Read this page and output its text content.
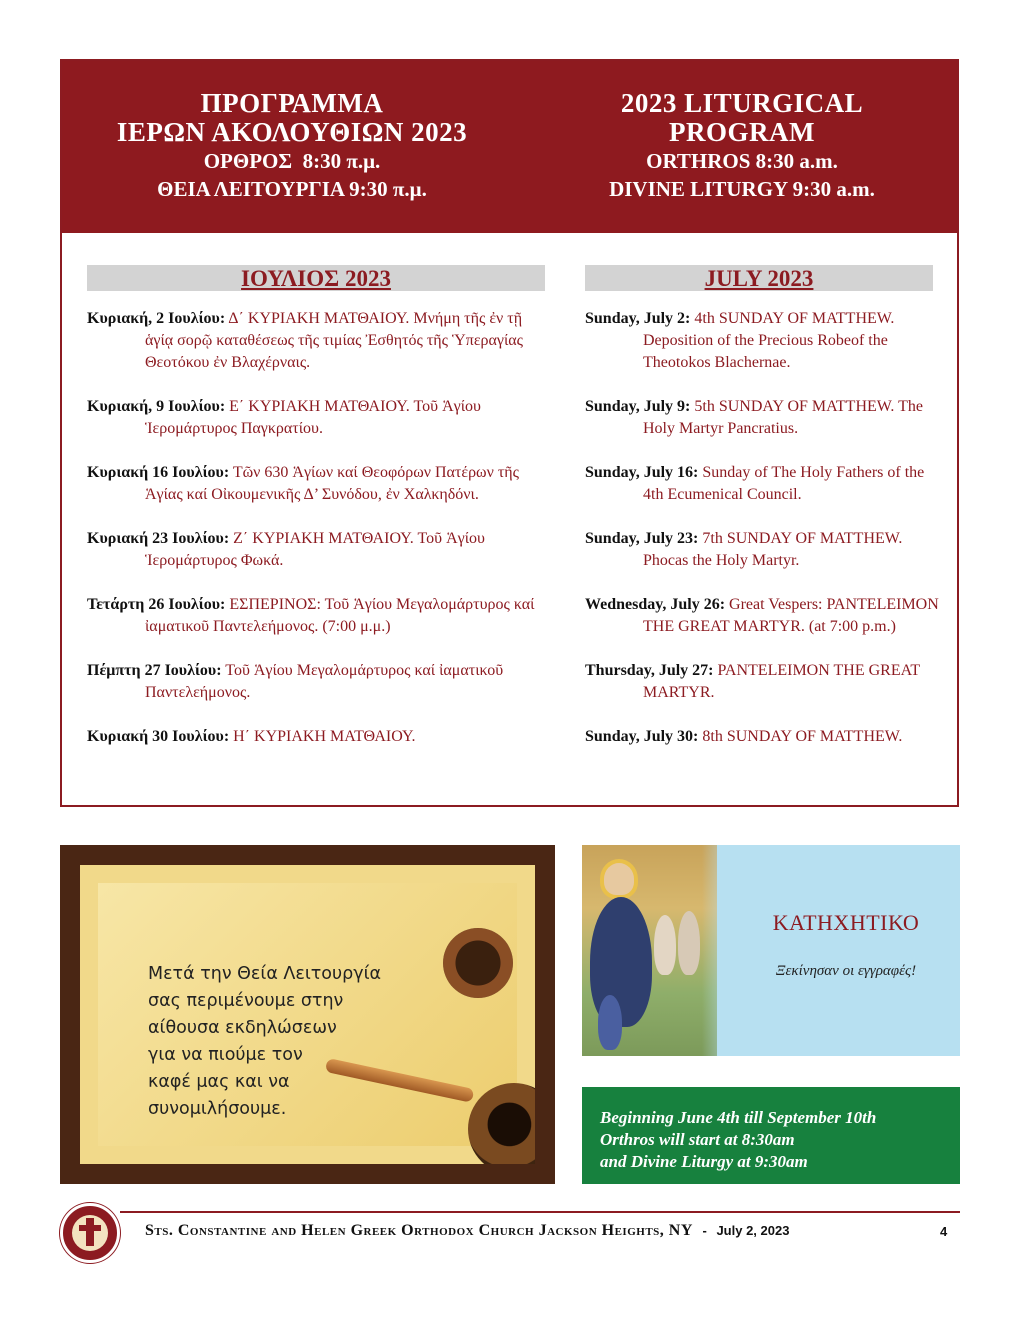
ΠΡΟΓΡΑΜΜΑ
ΙΕΡΩΝ ΑΚΟΛΟΥΘΙΩΝ 2023
ΟΡΘΡΟΣ  8:30 π.μ.
ΘΕΙΑ ΛΕΙΤΟΥΡΓΙΑ 9:30 π.μ.
2023 LITURGICAL
PROGRAM
ORTHROS 8:30 a.m.
DIVINE LITURGY 9:30 a.m.
ΙΟΥΛΙΟΣ 2023
Κυριακή, 2 Ιουλίου: Δ΄ ΚΥΡΙΑΚΗ ΜΑΤΘΑΙΟΥ. Μνήμη τῆς ἐν τῇ ἁγίᾳ σορῷ καταθέσεως τῆς τιμίας Ἐσθητός τῆς Ὑπεραγίας Θεοτόκου ἐν Βλαχέρναις.
Κυριακή, 9 Ιουλίου: Ε΄ ΚΥΡΙΑΚΗ ΜΑΤΘΑΙΟΥ. Τοῦ Ἁγίου Ἱερομάρτυρος Παγκρατίου.
Κυριακή 16 Ιουλίου: Τῶν 630 Ἁγίων καί Θεοφόρων Πατέρων τῆς Ἁγίας καί Οἰκουμενικῆς Δ’ Συνόδου, ἐν Χαλκηδόνι.
Κυριακή 23 Ιουλίου: Ζ΄ ΚΥΡΙΑΚΗ ΜΑΤΘΑΙΟΥ. Τοῦ Ἁγίου Ἱερομάρτυρος Φωκά.
Τετάρτη 26 Ιουλίου: ΕΣΠΕΡΙΝΟΣ: Τοῦ Ἁγίου Μεγαλομάρτυρος καί ἰαματικοῦ Παντελεήμονος. (7:00 μ.μ.)
Πέμπτη 27 Ιουλίου: Τοῦ Ἁγίου Μεγαλομάρτυρος καί ἰαματικοῦ Παντελεήμονος.
Κυριακή 30 Ιουλίου: Η΄ ΚΥΡΙΑΚΗ ΜΑΤΘΑΙΟΥ.
JULY 2023
Sunday, July 2: 4th SUNDAY OF MATTHEW. Deposition of the Precious Robeof the Theotokos Blachernae.
Sunday, July 9: 5th SUNDAY OF MATTHEW. The Holy Martyr Pancratius.
Sunday, July 16: Sunday of The Holy Fathers of the 4th Ecumenical Council.
Sunday, July 23: 7th SUNDAY OF MATTHEW. Phocas the Holy Martyr.
Wednesday, July 26: Great Vespers: PANTELEIMON THE GREAT MARTYR. (at 7:00 p.m.)
Thursday, July 27: PANTELEIMON THE GREAT MARTYR.
Sunday, July 30: 8th SUNDAY OF MATTHEW.
Μετά την Θεία Λειτουργία
σας περιμένουμε στην
αίθουσα εκδηλώσεων
για να πιούμε τον
καφέ μας και να
συνομιλήσουμε.
ΚΑΤΗΧΗΤΙΚΟ
Ξεκίνησαν οι εγγραφές!

Beginning June 4th till September 10th

Orthros will start at 8:30am

and Divine Liturgy at 9:30am

Sts. Constantine and Helen Greek Orthodox Church Jackson Heights, NY - July 2, 2023	4
